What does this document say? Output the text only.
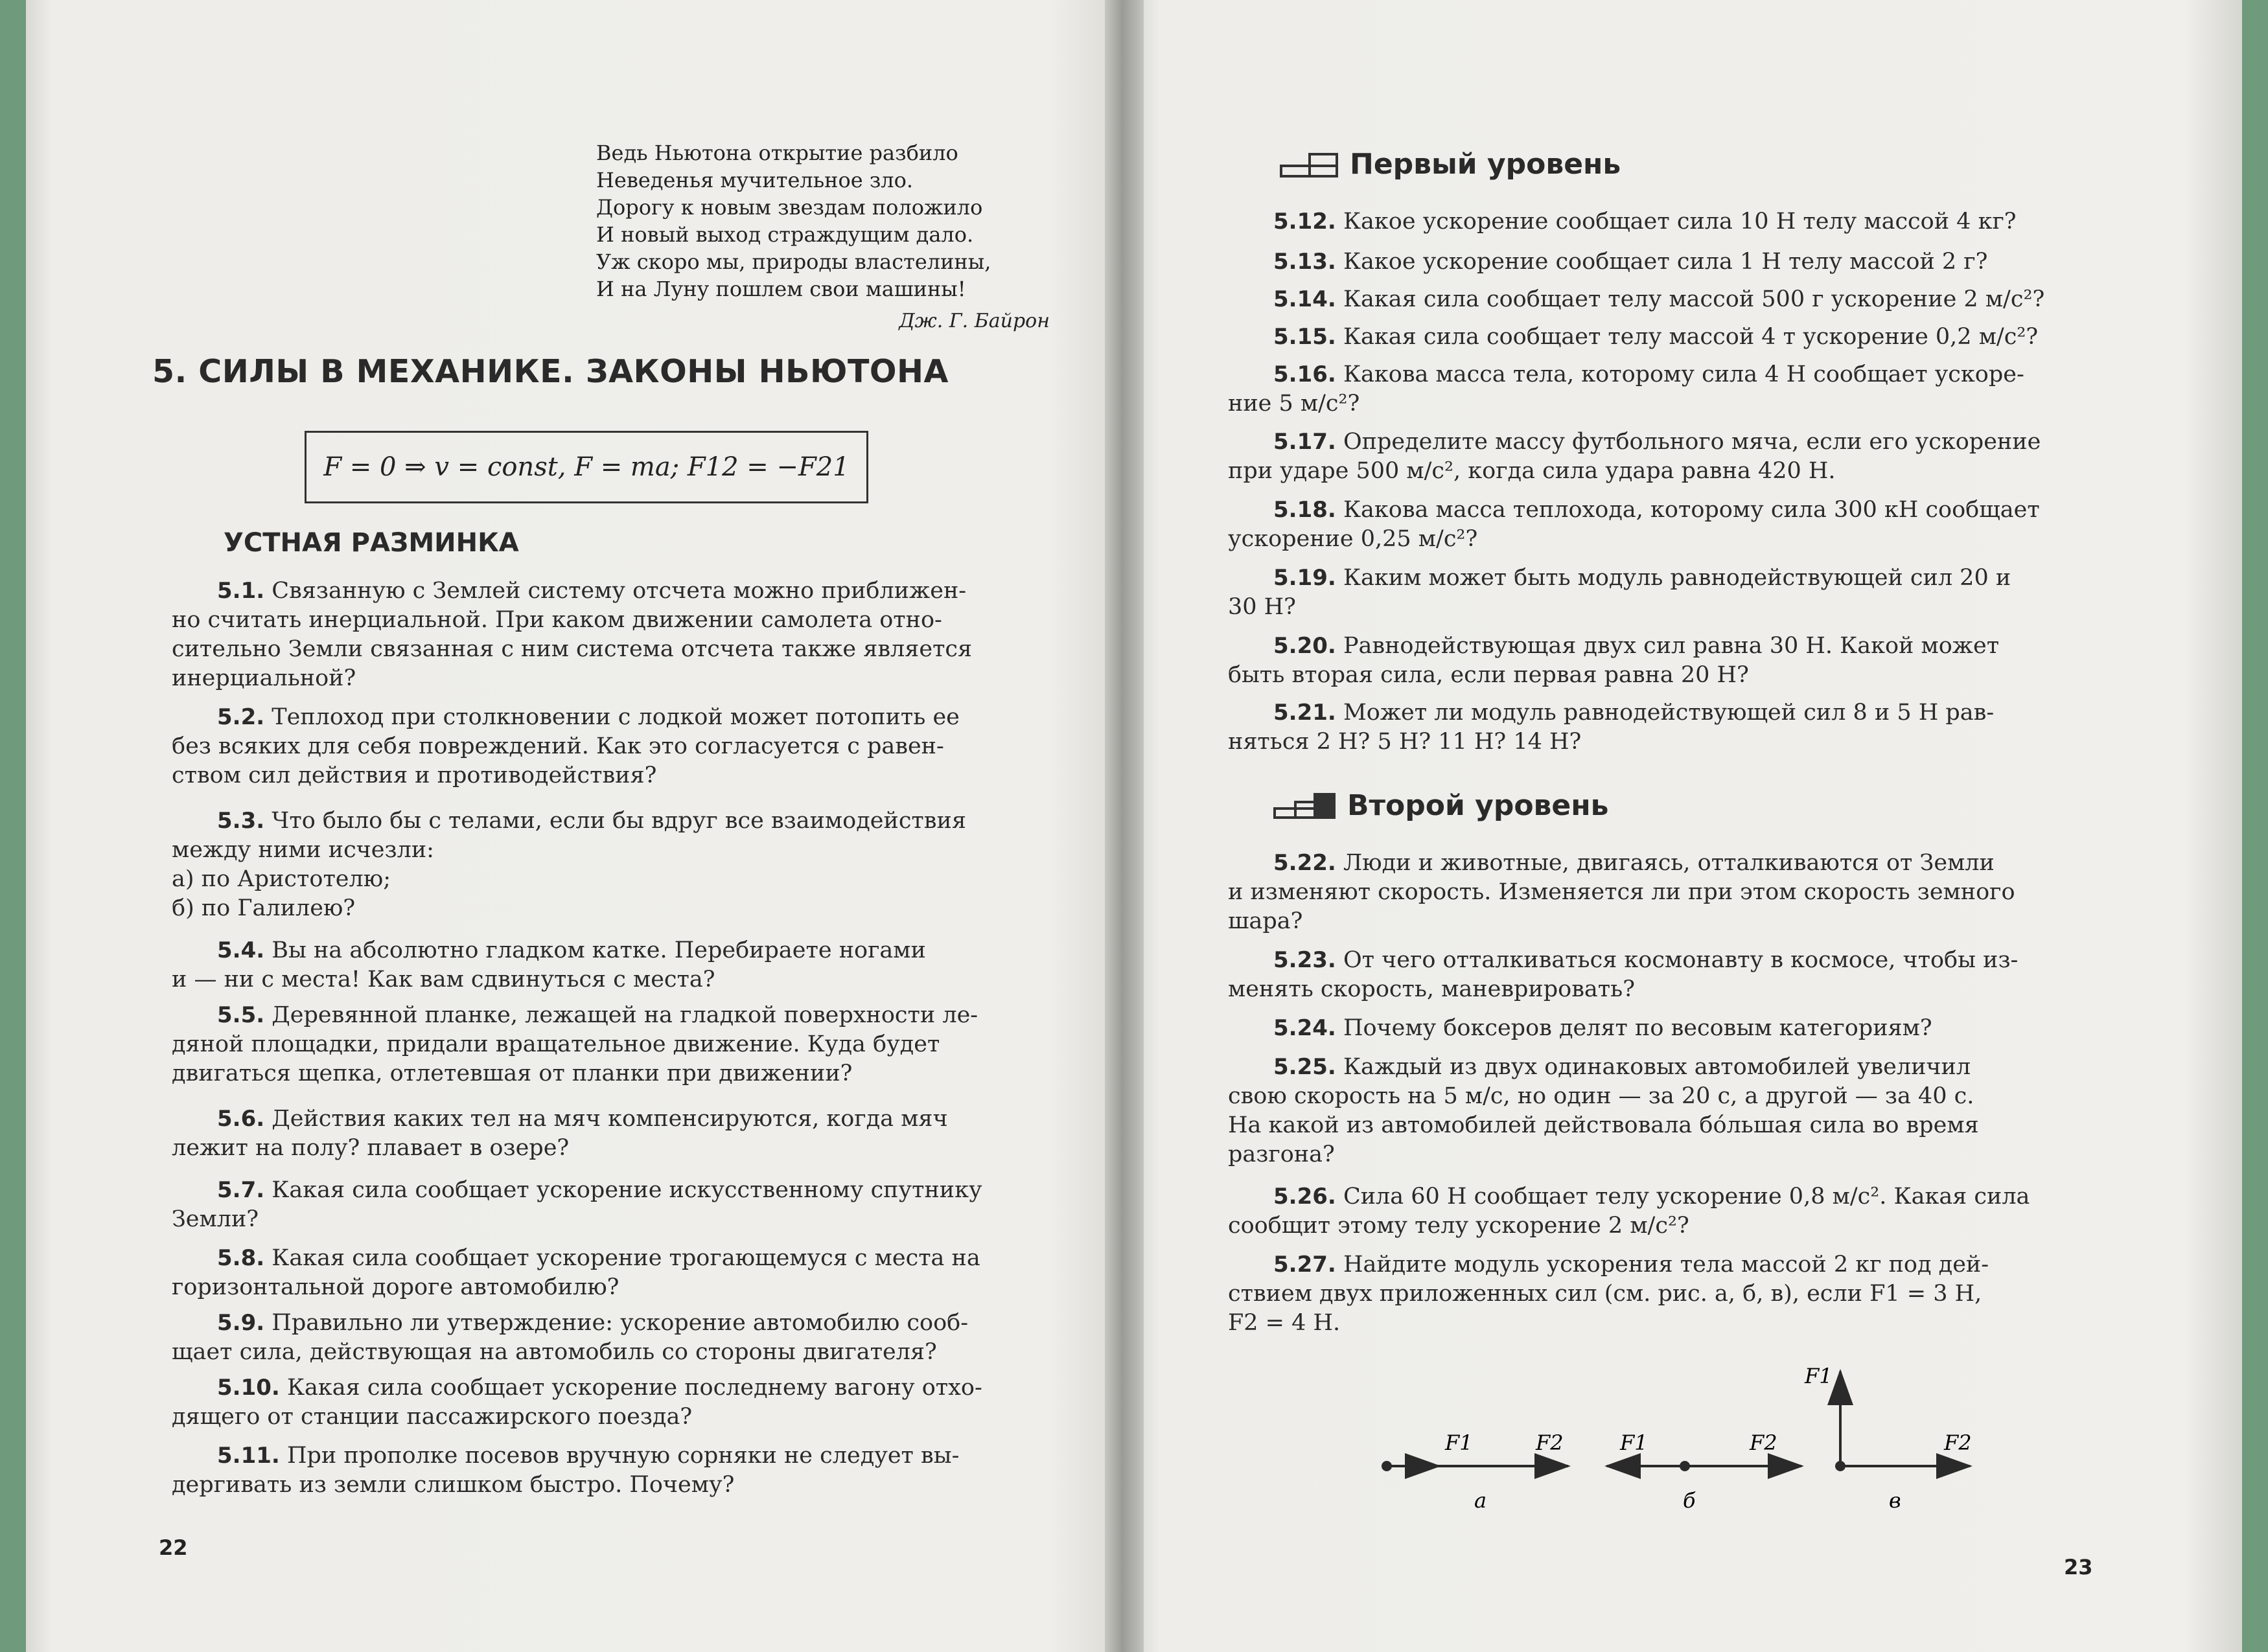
Ведь Ньютона открытие разбило
Неведенья мучительное зло.
Дорогу к новым звездам положило
И новый выход страждущим дало.
Уж скоро мы, природы властелины,
И на Луну пошлем свои машины!
Дж. Г. Байрон
5. СИЛЫ В МЕХАНИКЕ. ЗАКОНЫ НЬЮТОНА
F = 0 ⇒ v = const, F = ma; F12 = −F21
УСТНАЯ РАЗМИНКА
5.1. Связанную с Землей систему отсчета можно приближен-
но считать инерциальной. При каком движении самолета отно-
сительно Земли связанная с ним система отсчета также является
инерциальной?
5.2. Теплоход при столкновении с лодкой может потопить ее
без всяких для себя повреждений. Как это согласуется с равен-
ством сил действия и противодействия?
5.3. Что было бы с телами, если бы вдруг все взаимодействия
между ними исчезли:
а) по Аристотелю;
б) по Галилею?
5.4. Вы на абсолютно гладком катке. Перебираете ногами
и — ни с места! Как вам сдвинуться с места?
5.5. Деревянной планке, лежащей на гладкой поверхности ле-
дяной площадки, придали вращательное движение. Куда будет
двигаться щепка, отлетевшая от планки при движении?
5.6. Действия каких тел на мяч компенсируются, когда мяч
лежит на полу? плавает в озере?
5.7. Какая сила сообщает ускорение искусственному спутнику
Земли?
5.8. Какая сила сообщает ускорение трогающемуся с места на
горизонтальной дороге автомобилю?
5.9. Правильно ли утверждение: ускорение автомобилю сооб-
щает сила, действующая на автомобиль со стороны двигателя?
5.10. Какая сила сообщает ускорение последнему вагону отхо-
дящего от станции пассажирского поезда?
5.11. При прополке посевов вручную сорняки не следует вы-
дергивать из земли слишком быстро. Почему?
22
Первый уровень
5.12. Какое ускорение сообщает сила 10 Н телу массой 4 кг?
5.13. Какое ускорение сообщает сила 1 Н телу массой 2 г?
5.14. Какая сила сообщает телу массой 500 г ускорение 2 м/с²?
5.15. Какая сила сообщает телу массой 4 т ускорение 0,2 м/с²?
5.16. Какова масса тела, которому сила 4 Н сообщает ускоре-
ние 5 м/с²?
5.17. Определите массу футбольного мяча, если его ускорение
при ударе 500 м/с², когда сила удара равна 420 Н.
5.18. Какова масса теплохода, которому сила 300 кН сообщает
ускорение 0,25 м/с²?
5.19. Каким может быть модуль равнодействующей сил 20 и
30 Н?
5.20. Равнодействующая двух сил равна 30 Н. Какой может
быть вторая сила, если первая равна 20 Н?
5.21. Может ли модуль равнодействующей сил 8 и 5 Н рав-
няться 2 Н? 5 Н? 11 Н? 14 Н?
Второй уровень
5.22. Люди и животные, двигаясь, отталкиваются от Земли
и изменяют скорость. Изменяется ли при этом скорость земного
шара?
5.23. От чего отталкиваться космонавту в космосе, чтобы из-
менять скорость, маневрировать?
5.24. Почему боксеров делят по весовым категориям?
5.25. Каждый из двух одинаковых автомобилей увеличил
свою скорость на 5 м/с, но один — за 20 с, а другой — за 40 с.
На какой из автомобилей действовала бóльшая сила во время
разгона?
5.26. Сила 60 Н сообщает телу ускорение 0,8 м/с². Какая сила
сообщит этому телу ускорение 2 м/с²?
5.27. Найдите модуль ускорения тела массой 2 кг под дей-
ствием двух приложенных сил (см. рис. а, б, в), если F1 = 3 Н,
F2 = 4 Н.
F1	F2
а
F1	F2
б
F1
F2
в
23
